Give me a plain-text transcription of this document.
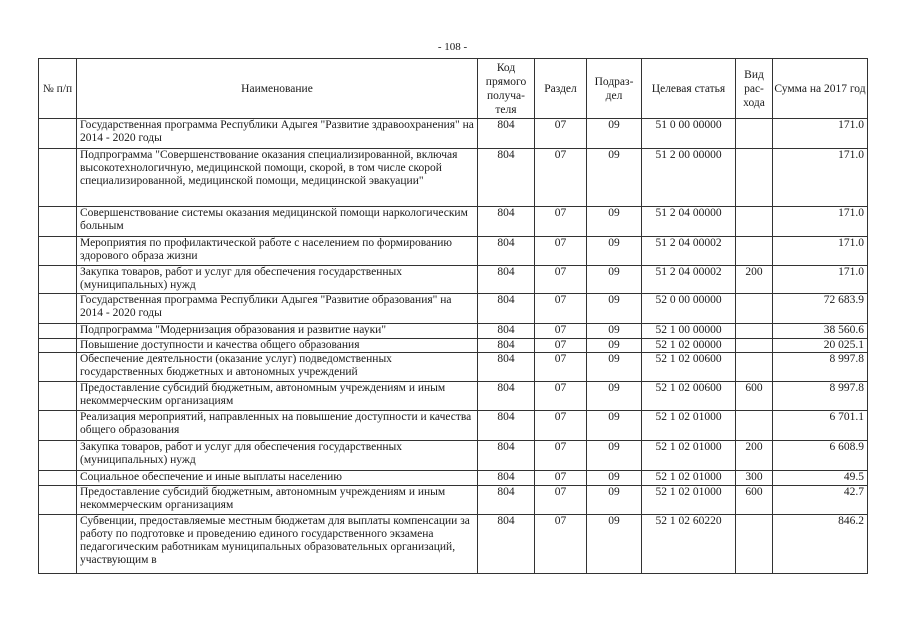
- 108 -
№ п/п	Наименование	Код прямого получа-теля	Раздел	Подраз-дел	Целевая статья	Вид рас-хода	Сумма на 2017 год
	Государственная программа Республики Адыгея "Развитие здравоохранения" на 2014 - 2020 годы	804	07	09	51 0 00 00000		171.0
	Подпрограмма "Совершенствование оказания специализированной, включая высокотехнологичную, медицинской помощи, скорой, в том числе скорой специализированной, медицинской помощи, медицинской эвакуации"	804	07	09	51 2 00 00000		171.0
	Совершенствование системы оказания медицинской помощи наркологическим больным	804	07	09	51 2 04 00000		171.0
	Мероприятия по профилактической работе с населением по формированию здорового образа жизни	804	07	09	51 2 04 00002		171.0
	Закупка товаров, работ и услуг для обеспечения государственных (муниципальных) нужд	804	07	09	51 2 04 00002	200	171.0
	Государственная программа Республики Адыгея "Развитие образования" на 2014 - 2020 годы	804	07	09	52 0 00 00000		72 683.9
	Подпрограмма "Модернизация образования и развитие науки"	804	07	09	52 1 00 00000		38 560.6
	Повышение доступности и качества общего образования	804	07	09	52 1 02 00000		20 025.1
	Обеспечение деятельности (оказание услуг) подведомственных государственных бюджетных и автономных учреждений	804	07	09	52 1 02 00600		8 997.8
	Предоставление субсидий бюджетным, автономным учреждениям и иным некоммерческим организациям	804	07	09	52 1 02 00600	600	8 997.8
	Реализация мероприятий, направленных на повышение доступности и качества общего образования	804	07	09	52 1 02 01000		6 701.1
	Закупка товаров, работ и услуг для обеспечения государственных (муниципальных) нужд	804	07	09	52 1 02 01000	200	6 608.9
	Социальное обеспечение и иные выплаты населению	804	07	09	52 1 02 01000	300	49.5
	Предоставление субсидий бюджетным, автономным учреждениям и иным некоммерческим организациям	804	07	09	52 1 02 01000	600	42.7
	Субвенции, предоставляемые местным бюджетам для выплаты компенсации за работу по подготовке и проведению единого государственного экзамена педагогическим работникам муниципальных образовательных организаций, участвующим в	804	07	09	52 1 02 60220		846.2
